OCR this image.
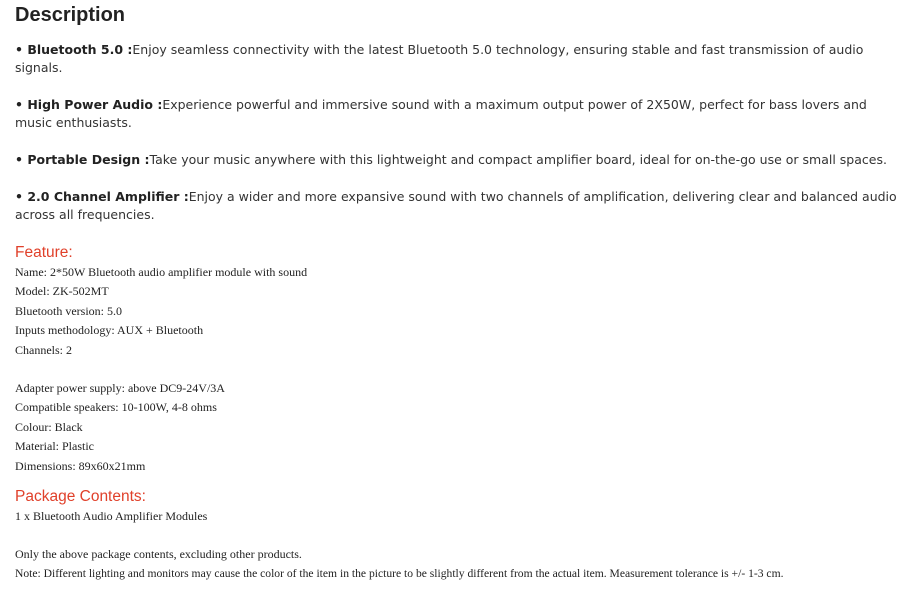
Description

• Bluetooth 5.0 :Enjoy seamless connectivity with the latest Bluetooth 5.0 technology, ensuring stable and fast transmission of audio signals.

• High Power Audio :Experience powerful and immersive sound with a maximum output power of 2X50W, perfect for bass lovers and music enthusiasts.

• Portable Design :Take your music anywhere with this lightweight and compact amplifier board, ideal for on-the-go use or small spaces.

• 2.0 Channel Amplifier :Enjoy a wider and more expansive sound with two channels of amplification, delivering clear and balanced audio across all frequencies.

Feature:

Name: 2*50W Bluetooth audio amplifier module with sound

Model: ZK-502MT

Bluetooth version: 5.0

Inputs methodology: AUX + Bluetooth

Channels: 2

Adapter power supply: above DC9-24V/3A

Compatible speakers: 10-100W, 4-8 ohms

Colour: Black

Material: Plastic

Dimensions: 89x60x21mm

Package Contents:

1 x Bluetooth Audio Amplifier Modules

Only the above package contents, excluding other products.

Note: Different lighting and monitors may cause the color of the item in the picture to be slightly different from the actual item. Measurement tolerance is +/- 1-3 cm.
